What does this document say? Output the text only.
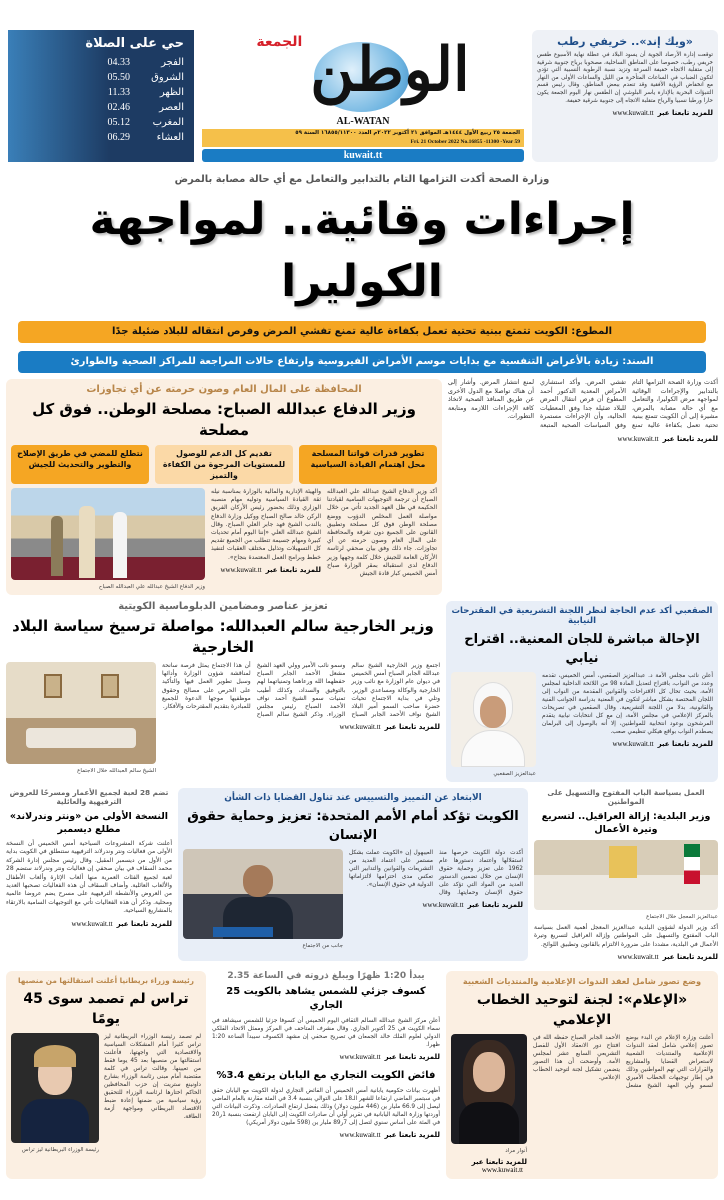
«ويك إند».. خريفي رطب
توقعت إدارة الأرصاد الجوية أن يسود البلاد في عطلة نهاية الأسبوع طقس خريفي رطب، خصوصا على المناطق الساحلية، مصحوبا برياح جنوبية شرقية إلى متقلبة الاتجاه خفيفة السرعة وتزيد نسبة الرطوبة النسبية التي تؤدي لتكون الضباب في الساعات المتأخرة من الليل والساعات الأولى من النهار مع انخفاض الرؤية الأفقية وقد تنعدم ببعض المناطق. وقال رئيس قسم التنبؤات البحرية بالإدارة ياسر البلوشي إن الطقس نهار اليوم الجمعة يكون حارا ورطبا نسبيا والرياح متقلبة الاتجاه إلى جنوبية شرقية خفيفة.
للمزيد تابعنا عبرwww.kuwait.tt
الوطن
الجمعة
AL-WATAN
الجمعة ٢٥ ربيع الأول ١٤٤٤هـ الموافق ٢١ أكتوبر ٢٠٢٢م العدد ١٦٨٥٥/١١٣٠٠ السنة ٥٩
Fri. 21 October 2022 No.16855 -11300 -Year 59
kuwait.tt
حي على الصلاة
الفجر
04.33
الشروق
05.50
الظهر
11.33
العصر
02.46
المغرب
05.12
العشاء
06.29
وزارة الصحة أكدت التزامها التام بالتدابير والتعامل مع أي حالة مصابة بالمرض
إجراءات وقائية.. لمواجهة الكوليرا
المطوع: الكويت تتمتع ببنية تحتية تعمل بكفاءة عالية تمنع تفشي المرض وفرص انتقاله للبلاد ضئيلة جدًا
السند: زيادة بالأعراض التنفسية مع بدايات موسم الأمراض الفيروسية وارتفاع حالات المراجعة للمراكز الصحية والطوارئ
أكدت وزارة الصحة التزامها التام بالتدابير والإجراءات الوقائية لمواجهة مرض الكوليرا، والتعامل مع أي حالة مصابة بالمرض، مشيرة إلى أن الكويت تتمتع ببنية تحتية تعمل بكفاءة عالية تمنع تفشي المرض. وأكد استشاري الأمراض المعدية الدكتور أحمد المطوع أن فرص انتقال المرض للبلاد ضئيلة جدا وفق المعطيات الحالية، وأن الإجراءات مستمرة وفق السياسات الصحية المتبعة لمنع انتشار المرض. وأشار إلى أن هناك تواصلا مع الدول الأخرى عن طريق المنافذ الصحية لاتخاذ كافة الإجراءات اللازمة ومتابعة التطورات.
للمزيد تابعنا عبرwww.kuwait.tt
المحافظة على المال العام وصون حرمته عن أي تجاوزات
وزير الدفاع عبدالله الصباح: مصلحة الوطن.. فوق كل مصلحة
تطوير قدرات قواتنا المسلحة محل اهتمام القيادة السياسية
تقديم كل الدعم للوصول للمستويات المرجوة من الكفاءة والتميز
نتطلع للمضي في طريق الإصلاح والتطوير والتحديث للجيش
أكد وزير الدفاع الشيخ عبدالله علي العبدالله الصباح أن ترجمة التوجيهات السامية لقيادتنا الحكيمة في ظل العهد الجديد تأتي من خلال مواصلة العمل المخلص الدؤوب ووضع مصلحة الوطن فوق كل مصلحة وتطبيق القانون على الجميع دون تفرقة والمحافظة على المال العام وصون حرمته عن أي تجاوزات. جاء ذلك وفق بيان صحفي لرئاسة الأركان العامة للجيش خلال كلمة وجهها وزير الدفاع لدى استقباله بمقر الوزارة صباح أمس الخميس كبار قادة الجيش
والهيئة الإدارية والمالية بالوزارة بمناسبة نيله ثقة القيادة السياسية وتوليه مهام منصبه الوزاري وذلك بحضور رئيس الأركان الفريق الركن خالد صالح الصباح ووكيل وزارة الدفاع بالندب الشيخ فهد جابر العلي الصباح. وقال الشيخ عبدالله العلي «إننا اليوم أمام تحديات كبيرة ومهام جسيمة تتطلب من الجميع تقديم كل التسهيلات وتذليل مختلف العقبات لتنفيذ خطط وبرامج العمل المعتمدة بنجاح».
للمزيد تابعنا عبرwww.kuwait.tt
وزير الدفاع الشيخ عبدالله علي العبدالله الصباح
الصقعبي أكد عدم الحاجة لنظر اللجنة التشريعية في المقترحات النيابية
الإحالة مباشرة للجان المعنية.. اقتراح نيابي
أعلن نائب مجلس الأمة د. عبدالعزيز الصقعبي، أمس الخميس، تقدمه وعدد من النواب، باقتراح لتعديل المادة 98 من اللائحة الداخلية لمجلس الأمة، بحيث تحال كل الاقتراحات والقوانين المقدمة من النواب إلى اللجان المختصة بشكل مباشر لتكون في المعنية بدراسة الجوانب الفنية والقانونية، بدلا من اللجنة التشريعية. وقال الصقعبي في تصريحات بالمركز الإعلامي في مجلس الأمة، إن مع كل انتخابات نيابية يتقدم المرشحون بوعود انتخابية للمواطنين، إلا أنه بالوصول إلى البرلمان يصطدم النواب بواقع هيكلي تنظيمي صعب.
للمزيد تابعنا عبرwww.kuwait.tt
عبدالعزيز الصقعبي
تعزيز عناصر ومضامين الدبلوماسية الكويتية
وزير الخارجية سالم العبدالله: مواصلة ترسيخ سياسة البلاد الخارجية
اجتمع وزير الخارجية الشيخ سالم عبدالله الجابر الصباح أمس الخميس في ديوان عام الوزارة مع نائب وزير الخارجية والوكالة ومساعدي الوزير. وتلي في بداية الاجتماع تحيات حضرة صاحب السمو أمير البلاد الشيخ نواف الأحمد الجابر الصباح وسمو نائب الأمير وولي العهد الشيخ مشعل الأحمد الجابر الصباح حفظهما الله ورعاهما وتمنياتهما لهم بالتوفيق والسداد، وكذلك أطيب تمنيات سمو الشيخ أحمد نواف الأحمد الصباح رئيس مجلس الوزراء. وذكر الشيخ سالم الصباح أن هذا الاجتماع يمثل فرصة سانحة لمناقشة شؤون الوزارة وأدائها وسبل تطوير العمل فيها والتأكيد على الحرص على مصالح وحقوق موظفيها موجها الدعوة للجميع للمبادرة بتقديم المقترحات والأفكار.
للمزيد تابعنا عبرwww.kuwait.tt
الشيخ سالم العبدالله خلال الاجتماع
العمل بسياسة الباب المفتوح والتسهيل على المواطنين
وزير البلدية: إزالة العراقيل.. لتسريع وتيرة الأعمال
عبدالعزيز المعجل خلال الاجتماع
أكد وزير الدولة لشؤون البلدية عبدالعزيز المعجل أهمية العمل بسياسة الباب المفتوح والتسهيل على المواطنين وإزالة العراقيل لتسريع وتيرة الأعمال في البلدية، مشددا على ضرورة الالتزام بالقانون وتطبيق اللوائح.
للمزيد تابعنا عبرwww.kuwait.tt
الابتعاد عن التمييز والتسييس عند تناول القضايا ذات الشأن
الكويت تؤكد أمام الأمم المتحدة: تعزيز وحماية حقوق الإنسان
أكدت دولة الكويت حرصها منذ استقلالها واعتماد دستورها عام 1962 على تعزيز وحماية حقوق الإنسان من خلال تضمين الدستور العديد من المواد التي تؤكد على حقوق الإنسان وحمايتها. وقال العيبهول إن «الكويت عملت بشكل مستمر على اعتماد العديد من التشريعات والقوانين والتدابير التي تعكس مدى احترامها لالتزاماتها الدولية في حقوق الإنسان».
للمزيد تابعنا عبرwww.kuwait.tt
جانب من الاجتماع
تضم 28 لعبة لجميع الأعمار ومسرحًا للعروض الترفيهية والعائلية
النسخة الأولى من «ونتر وندرلاند» مطلع ديسمبر
أعلنت شركة المشروعات السياحية أمس الخميس أن النسخة الأولى من فعاليات ونتر وندرلاند الترفيهية ستنطلق في الكويت بداية من الأول من ديسمبر المقبل. وقال رئيس مجلس إدارة الشركة محمد السقاف في بيان صحفي إن فعاليات ونتر وندرلاند ستضم 28 لعبة لجميع الفئات العمرية منها ألعاب الإثارة وألعاب الأطفال والألعاب العائلية. وأضاف السقاف أن هذه الفعاليات تصحبها العديد من العروض والأنشطة الترفيهية على مسرح يضم عروضا عالمية ومحلية. وذكر أن هذه الفعاليات تأتي مع التوجيهات السامية بالارتقاء بالمشاريع السياحية.
للمزيد تابعنا عبرwww.kuwait.tt
وضع تصور شامل لعقد الندوات الإعلامية والمنتديات الشعبية
«الإعلام»: لجنة لتوحيد الخطاب الإعلامي
أعلنت وزارة الإعلام عن البدء بوضع تصور إعلامي شامل لعقد الندوات الإعلامية والمنتديات الشعبية لاستعراض القضايا والمشاريع والقرارات التي تهم المواطنين وذلك في إطار توجيهات الخطاب الأميري لسمو ولي العهد الشيخ مشعل الأحمد الجابر الصباح حفظه الله في افتتاح دور الانعقاد الأول للفصل التشريعي السابع عشر لمجلس الأمة. وأوضحت أن هذا التصور يتضمن تشكيل لجنة لتوحيد الخطاب الإعلامي.
أنوار مراد
للمزيد تابعنا عبرwww.kuwait.tt
يبدأ 1:20 ظهرًا ويبلغ ذروته في الساعة 2.35
كسوف جزئي للشمس يشاهد بالكويت 25 الجاري
أعلن مركز الشيخ عبدالله السالم الثقافي اليوم الخميس أن كسوفا جزئيا للشمس سيشاهد في سماء الكويت في 25 أكتوبر الجاري. وقال مشرف المتاحف في المركز وممثل الاتحاد الفلكي الدولي لعلوم الفلك خالد الجمعان في تصريح صحفي إن مشهد الكسوف سيبدأ الساعة 1:20 ظهرا.
للمزيد تابعنا عبرwww.kuwait.tt
فائض الكويت التجاري مع اليابان يرتفع 3.4%
أظهرت بيانات حكومية يابانية أمس الخميس أن الفائض التجاري لدولة الكويت مع اليابان حقق في سبتمبر الماضي ارتفاعا للشهر الـ18 على التوالي بنسبة 3.4 في المئة مقارنة بالعام الماضي ليصل إلى 66.9 مليار ين (446 مليون دولار) وذلك بفضل ارتفاع الصادرات. وذكرت البيانات التي أوردتها وزارة المالية اليابانية في تقرير أولي أن صادرات الكويت إلى اليابان ارتفعت بنسبة 1ر20 في المئة على أساس سنوي لتصل إلى 7ر89 مليار ين (598 مليون دولار أمريكي)
للمزيد تابعنا عبرwww.kuwait.tt
رئيسة وزراء بريطانيا أعلنت استقالتها من منصبها
تراس لم تصمد سوى 45 يومًا
لم تصمد رئيسة الوزراء البريطانية ليز تراس كثيرا أمام المشكلات السياسية والاقتصادية التي واجهتها، فأعلنت استقالتها من منصبها بعد 45 يوما فقط من تعيينها. وقالت تراس في كلمة مقتضبة أمام مبنى رئاسة الوزراء بشارع داونينغ ستريت إن حزب المحافظين الحاكم اختارها لرئاسة الوزراء للتحقيق رؤية سياسية من ضمنها إعادة ضبط الاقتصاد البريطاني ومواجهة أزمة الطاقة.
رئيسة الوزراء البريطانية ليز تراس
